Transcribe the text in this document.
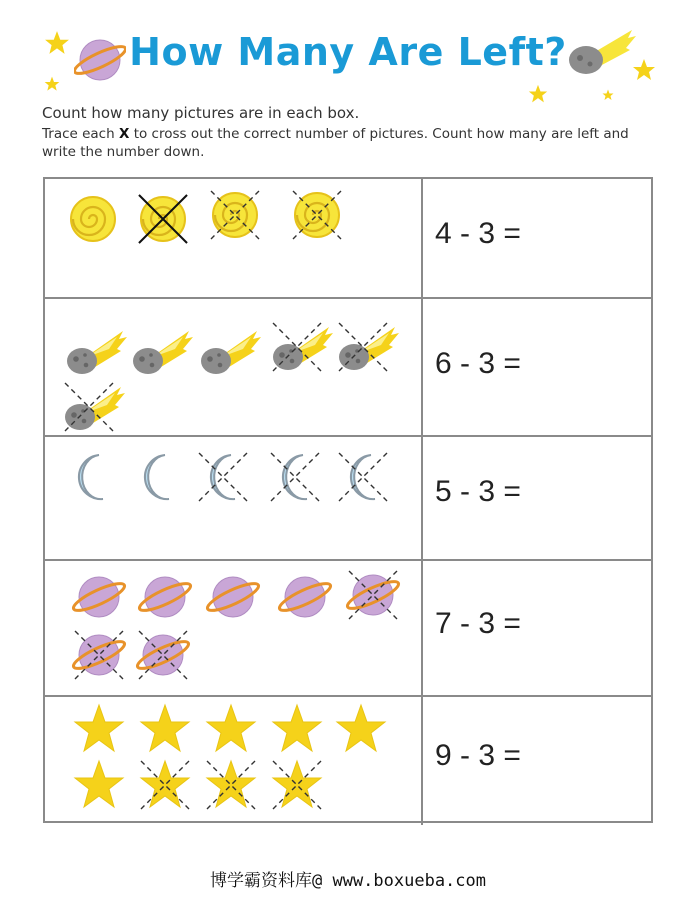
How Many Are Left?
Count how many pictures are in each box.
Trace each X to cross out the correct number of pictures. Count how many are left and write the number down.
4 - 3 =
6 - 3 =
5 - 3 =
7 - 3 =
9 - 3 =
博学霸资料库@ www.boxueba.com
